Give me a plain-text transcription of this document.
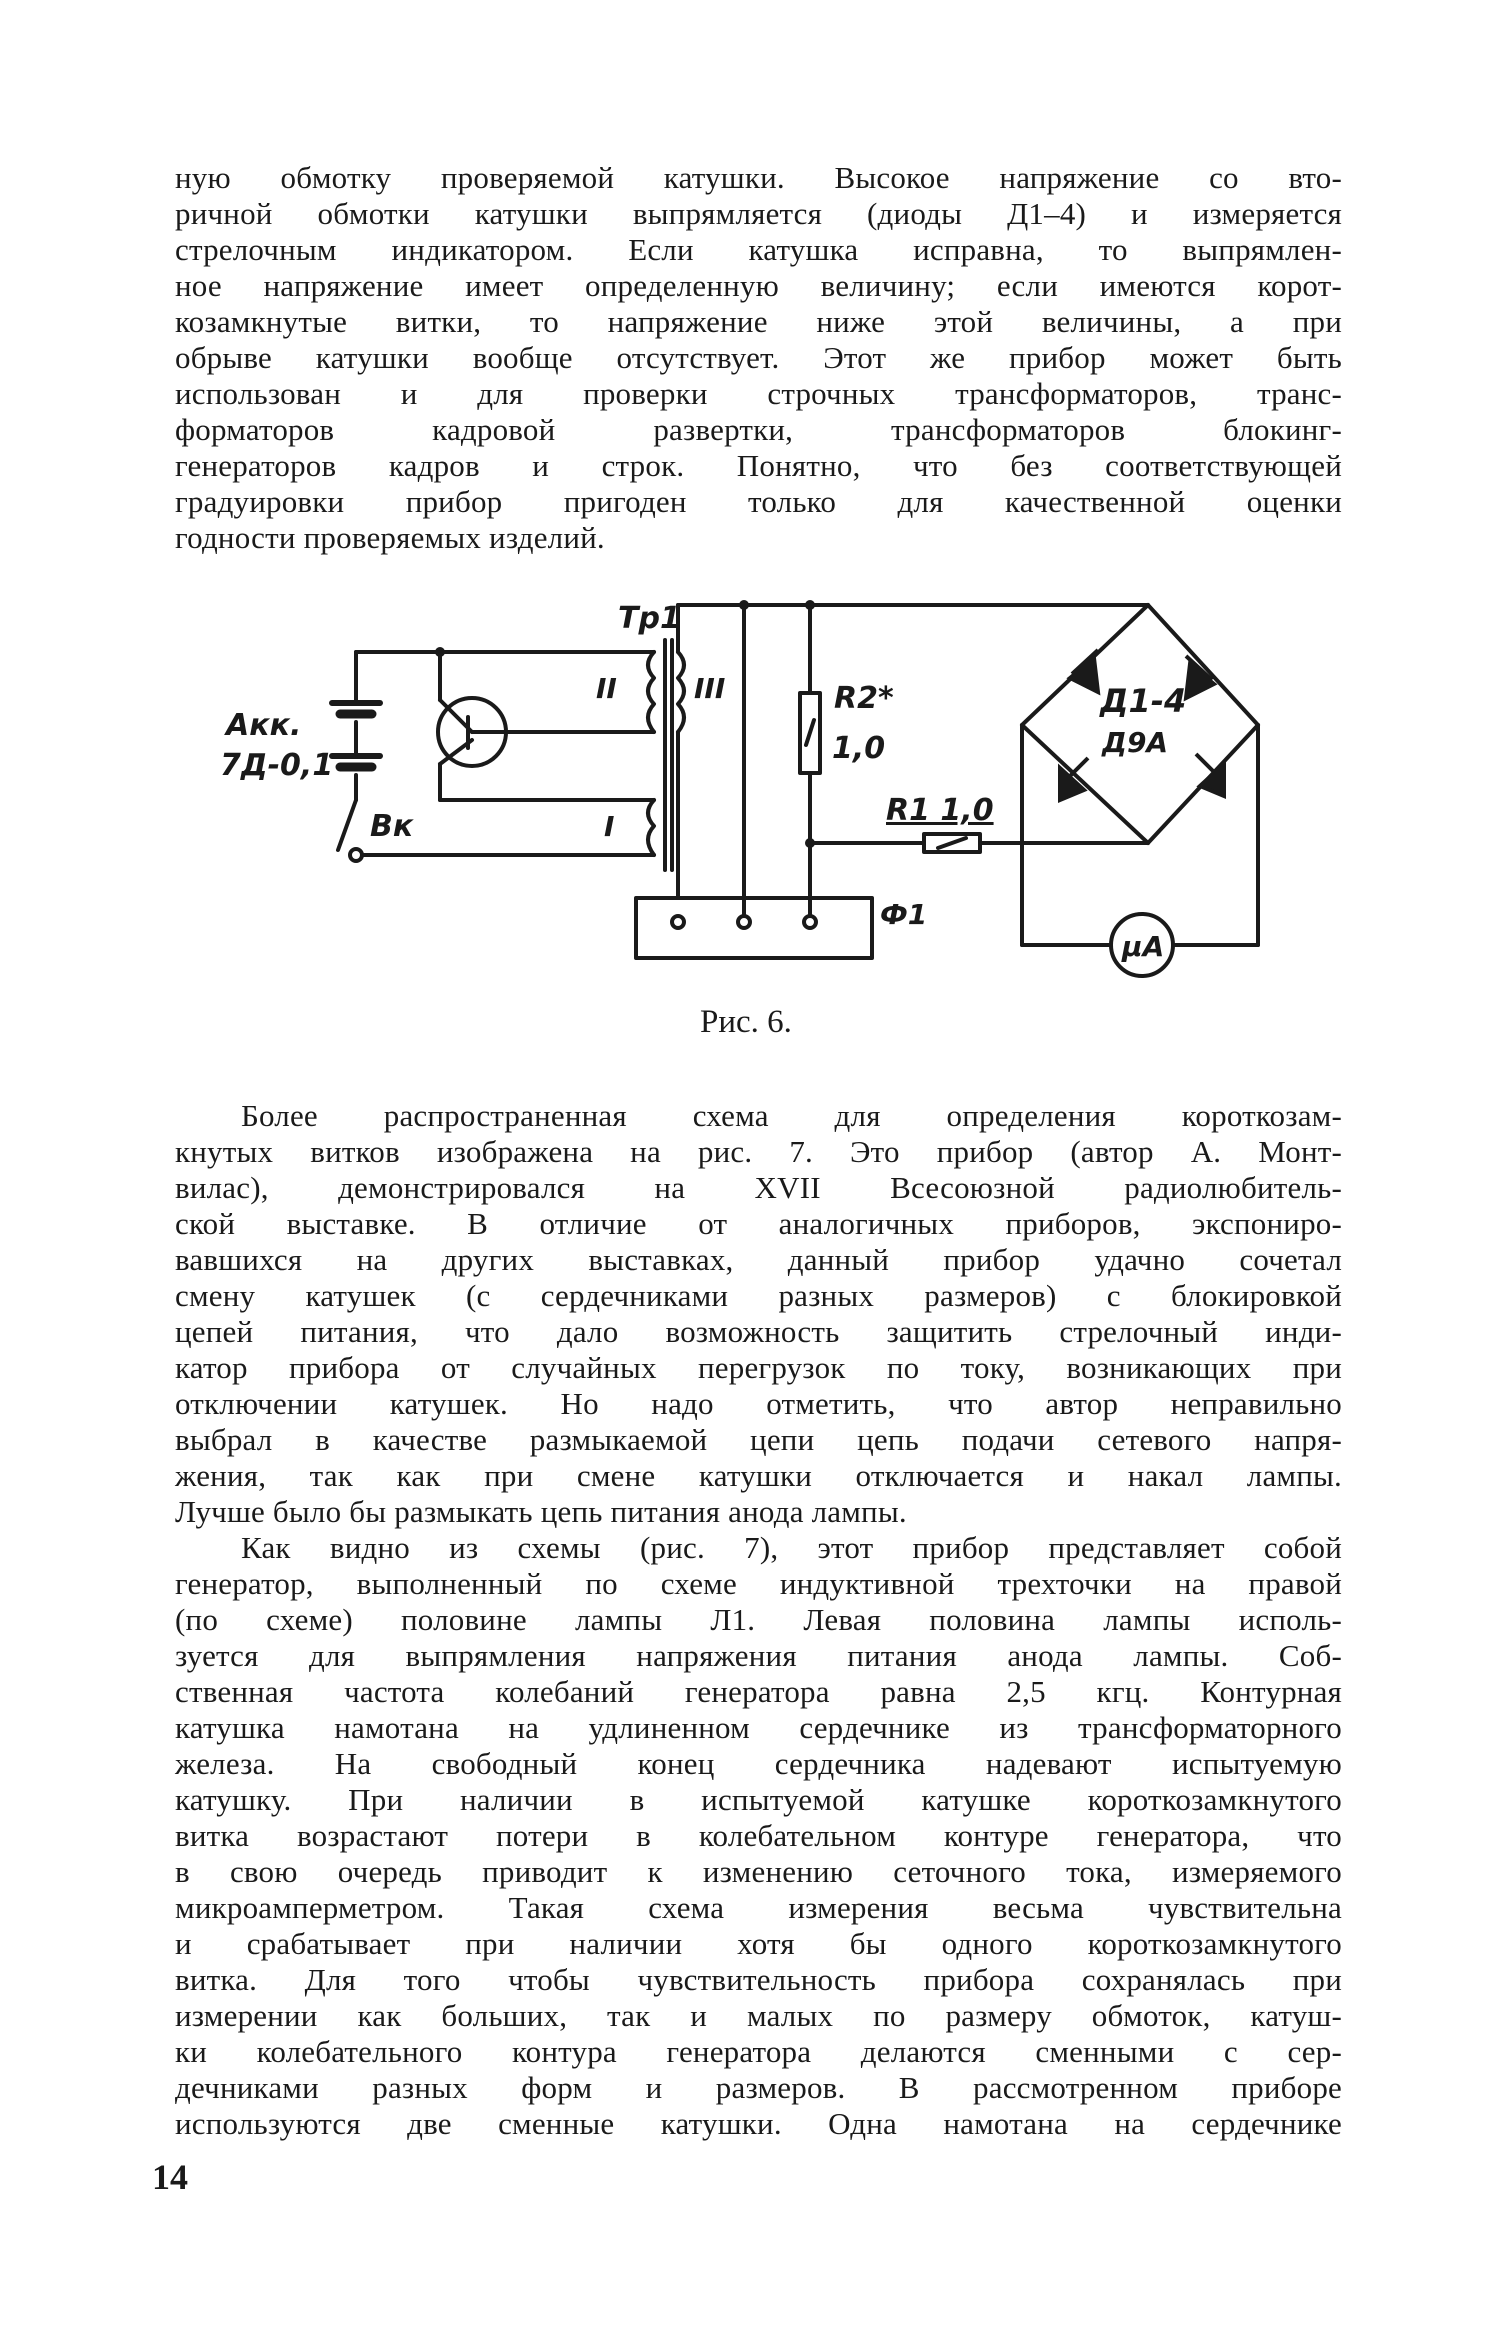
ную обмотку проверяемой катушки. Высокое напряжение со вто-
ричной обмотки катушки выпрямляется (диоды Д1–4) и измеряется
стрелочным индикатором. Если катушка исправна, то выпрямлен-
ное напряжение имеет определенную величину; если имеются корот-
козамкнутые витки, то напряжение ниже этой величины, а при
обрыве катушки вообще отсутствует. Этот же прибор может быть
использован и для проверки строчных трансформаторов, транс-
форматоров кадровой развертки, трансформаторов блокинг-
генераторов кадров и строк. Понятно, что без соответствующей
градуировки прибор пригоден только для качественной оценки
годности проверяемых изделий.
Тр1
Акк.
7Д-0,1
Вк
II	III
I
R2*
1,0
R1 1,0
Д1-4
Д9А
Ф1
μA
Рис. 6.
Более распространенная схема для определения короткозам-
кнутых витков изображена на рис. 7. Это прибор (автор А. Монт-
вилас), демонстрировался на XVII Всесоюзной радиолюбитель-
ской выставке. В отличие от аналогичных приборов, экспониро-
вавшихся на других выставках, данный прибор удачно сочетал
смену катушек (с сердечниками разных размеров) с блокировкой
цепей питания, что дало возможность защитить стрелочный инди-
катор прибора от случайных перегрузок по току, возникающих при
отключении катушек. Но надо отметить, что автор неправильно
выбрал в качестве размыкаемой цепи цепь подачи сетевого напря-
жения, так как при смене катушки отключается и накал лампы.
Лучше было бы размыкать цепь питания анода лампы.
Как видно из схемы (рис. 7), этот прибор представляет собой
генератор, выполненный по схеме индуктивной трехточки на правой
(по схеме) половине лампы Л1. Левая половина лампы исполь-
зуется для выпрямления напряжения питания анода лампы. Соб-
ственная частота колебаний генератора равна 2,5 кгц. Контурная
катушка намотана на удлиненном сердечнике из трансформаторного
железа. На свободный конец сердечника надевают испытуемую
катушку. При наличии в испытуемой катушке короткозамкнутого
витка возрастают потери в колебательном контуре генератора, что
в свою очередь приводит к изменению сеточного тока, измеряемого
микроамперметром. Такая схема измерения весьма чувствительна
и срабатывает при наличии хотя бы одного короткозамкнутого
витка. Для того чтобы чувствительность прибора сохранялась при
измерении как больших, так и малых по размеру обмоток, катуш-
ки колебательного контура генератора делаются сменными с сер-
дечниками разных форм и размеров. В рассмотренном приборе
используются две сменные катушки. Одна намотана на сердечнике
14
